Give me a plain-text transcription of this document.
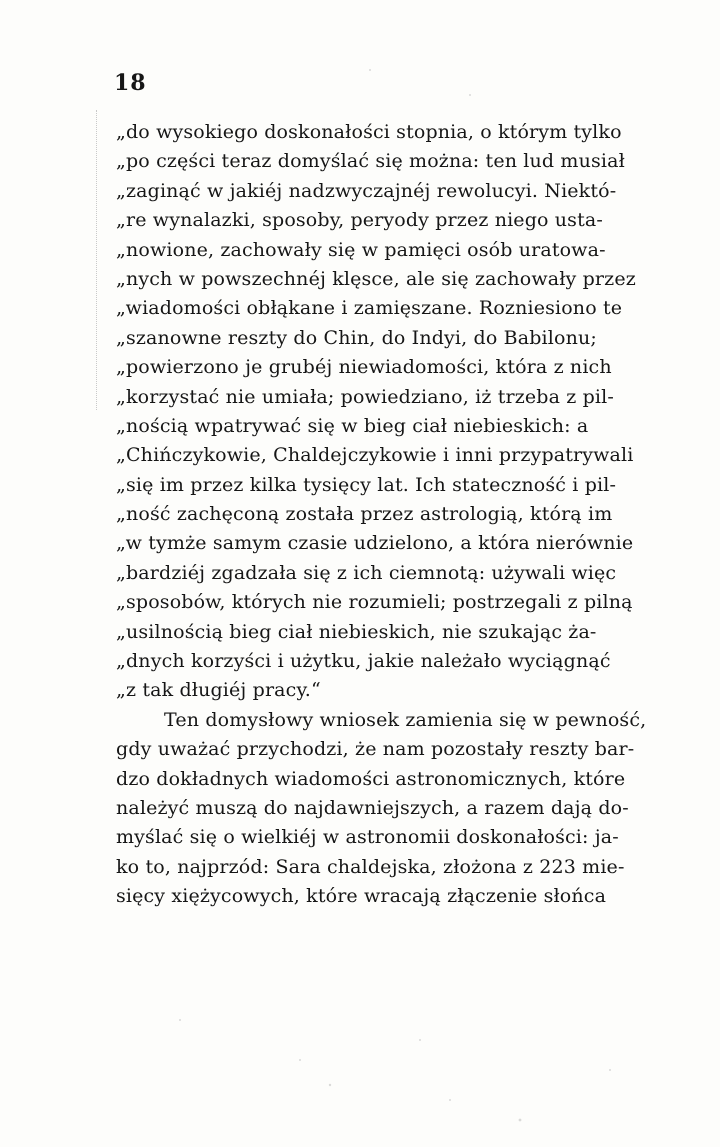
18
„do wysokiego doskonałości stopnia, o którym tylko
„po części teraz domyślać się można: ten lud musiał
„zaginąć w jakiéj nadzwyczajnéj rewolucyi. Niektó-
„re wynalazki, sposoby, peryody przez niego usta-
„nowione, zachowały się w pamięci osób uratowa-
„nych w powszechnéj klęsce, ale się zachowały przez
„wiadomości obłąkane i zamięszane. Rozniesiono te
„szanowne reszty do Chin, do Indyi, do Babilonu;
„powierzono je grubéj niewiadomości, która z nich
„korzystać nie umiała; powiedziano, iż trzeba z pil-
„nością wpatrywać się w bieg ciał niebieskich: a
„Chińczykowie, Chaldejczykowie i inni przypatrywali
„się im przez kilka tysięcy lat. Ich stateczność i pil-
„ność zachęconą została przez astrologią, którą im
„w tymże samym czasie udzielono, a która nierównie
„bardziéj zgadzała się z ich ciemnotą: używali więc
„sposobów, których nie rozumieli; postrzegali z pilną
„usilnością bieg ciał niebieskich, nie szukając ża-
„dnych korzyści i użytku, jakie należało wyciągnąć
„z tak długiéj pracy.“
Ten domysłowy wniosek zamienia się w pewność,
gdy uważać przychodzi, że nam pozostały reszty bar-
dzo dokładnych wiadomości astronomicznych, które
należyć muszą do najdawniejszych, a razem dają do-
myślać się o wielkiéj w astronomii doskonałości: ja-
ko to, najprzód: Sara chaldejska, złożona z 223 mie-
sięcy xiężycowych, które wracają złączenie słońca
